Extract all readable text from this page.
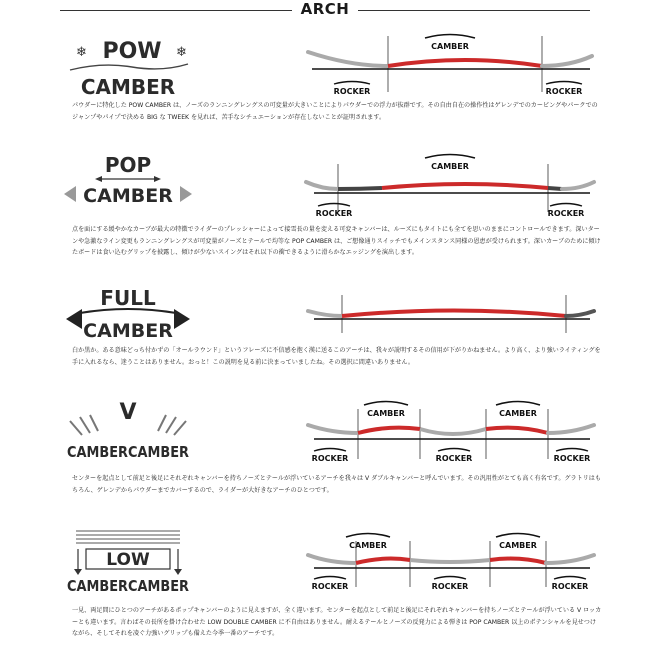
ARCH
❄ POW ❄
CAMBER
CAMBER
ROCKER	ROCKER

パウダーに特化した POW CAMBER は、ノーズのランニングレングスの可変量が大きいことによりパウダーでの浮力が抜群です。その自由自在の操作性はゲレンデでのカービングやパークでのジャンプやパイプで決める BIG な TWEEK を見れば、苦手なシチュエーションが存在しないことが証明されます。

POP
CAMBER
CAMBER
ROCKER	ROCKER

点を面にする緩やかなカーブが最大の特徴でライダーのプレッシャーによって接雪長の量を変える可変キャンバーは、ルーズにもタイトにも全てを思いのままにコントロールできます。深いターンや急激なライン変更もランニングレングスが可変量がノーズとテールで均等な POP CAMBER は、ご想像通りスイッチでもメインスタンス同様の恩恵が受けられます。深いカーブのために傾けたボードは食い込むグリップを披露し、傾けが少ないスイングはそれ以下の衝できるように滑らかなエッジングを演出します。

FULL
CAMBER

白か黒か。ある意味どっち付かずの「オールラウンド」というフレーズに不信感を抱く漢に送るこのアーチは、我々が説明するその信用が下がりかねません。より高く、より強いライティングを手に入れるなら、迷うことはありません。おっと！この説明を見る前に決まっていましたね。その選択に間違いありません。

V
CAMBERCAMBER
CAMBER	CAMBER
ROCKER	ROCKER	ROCKER

センターを起点として前足と後足にそれぞれキャンバーを持ちノーズとテールが浮いているアーチを我々は V ダブルキャンバーと呼んでいます。その汎用性がとても高く有名です。グラトリはもちろん、ゲレンデからパウダーまでカバーするので、ライダーが大好きなアーチのひとつです。

LOW
CAMBERCAMBER
CAMBER	CAMBER
ROCKER	ROCKER	ROCKER

一見、両足間にひとつのアーチがあるポップキャンバーのように見えますが、全く違います。センターを起点として前足と後足にそれぞれキャンバーを持ちノーズとテールが浮いている V ロッカーとも違います。言わばその長所を掛け合わせた LOW DOUBLE CAMBER に不自由はありません。耐えるテールとノーズの反発力による弾きは POP CAMBER 以上のポテンシャルを見せつけながら、そしてそれを凌ぐ力強いグリップも備えた今季一番のアーチです。
